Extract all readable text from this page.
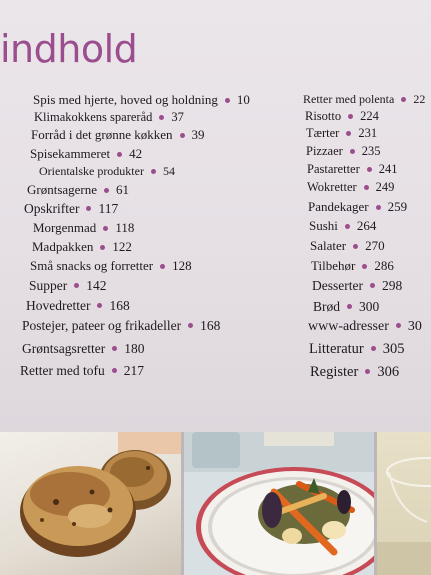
indhold
Spis med hjerte, hoved og holdning 10
Klimakokkens sparеråd 37
Forråd i det grønne køkken 39
Spisekammeret 42
Orientalske produkter 54
Grøntsagerne 61
Opskrifter 117
Morgenmad 118
Madpakken 122
Små snacks og forretter 128
Supper 142
Hovedretter 168
Postejer, pateer og frikadeller 168
Grøntsagsretter 180
Retter med tofu 217
Retter med polenta 22
Risotto 224
Tærter 231
Pizzaer 235
Pastaretter 241
Wokretter 249
Pandekager 259
Sushi 264
Salater 270
Tilbehør 286
Desserter 298
Brød 300
www-adresser 30
Litteratur 305
Register 306
